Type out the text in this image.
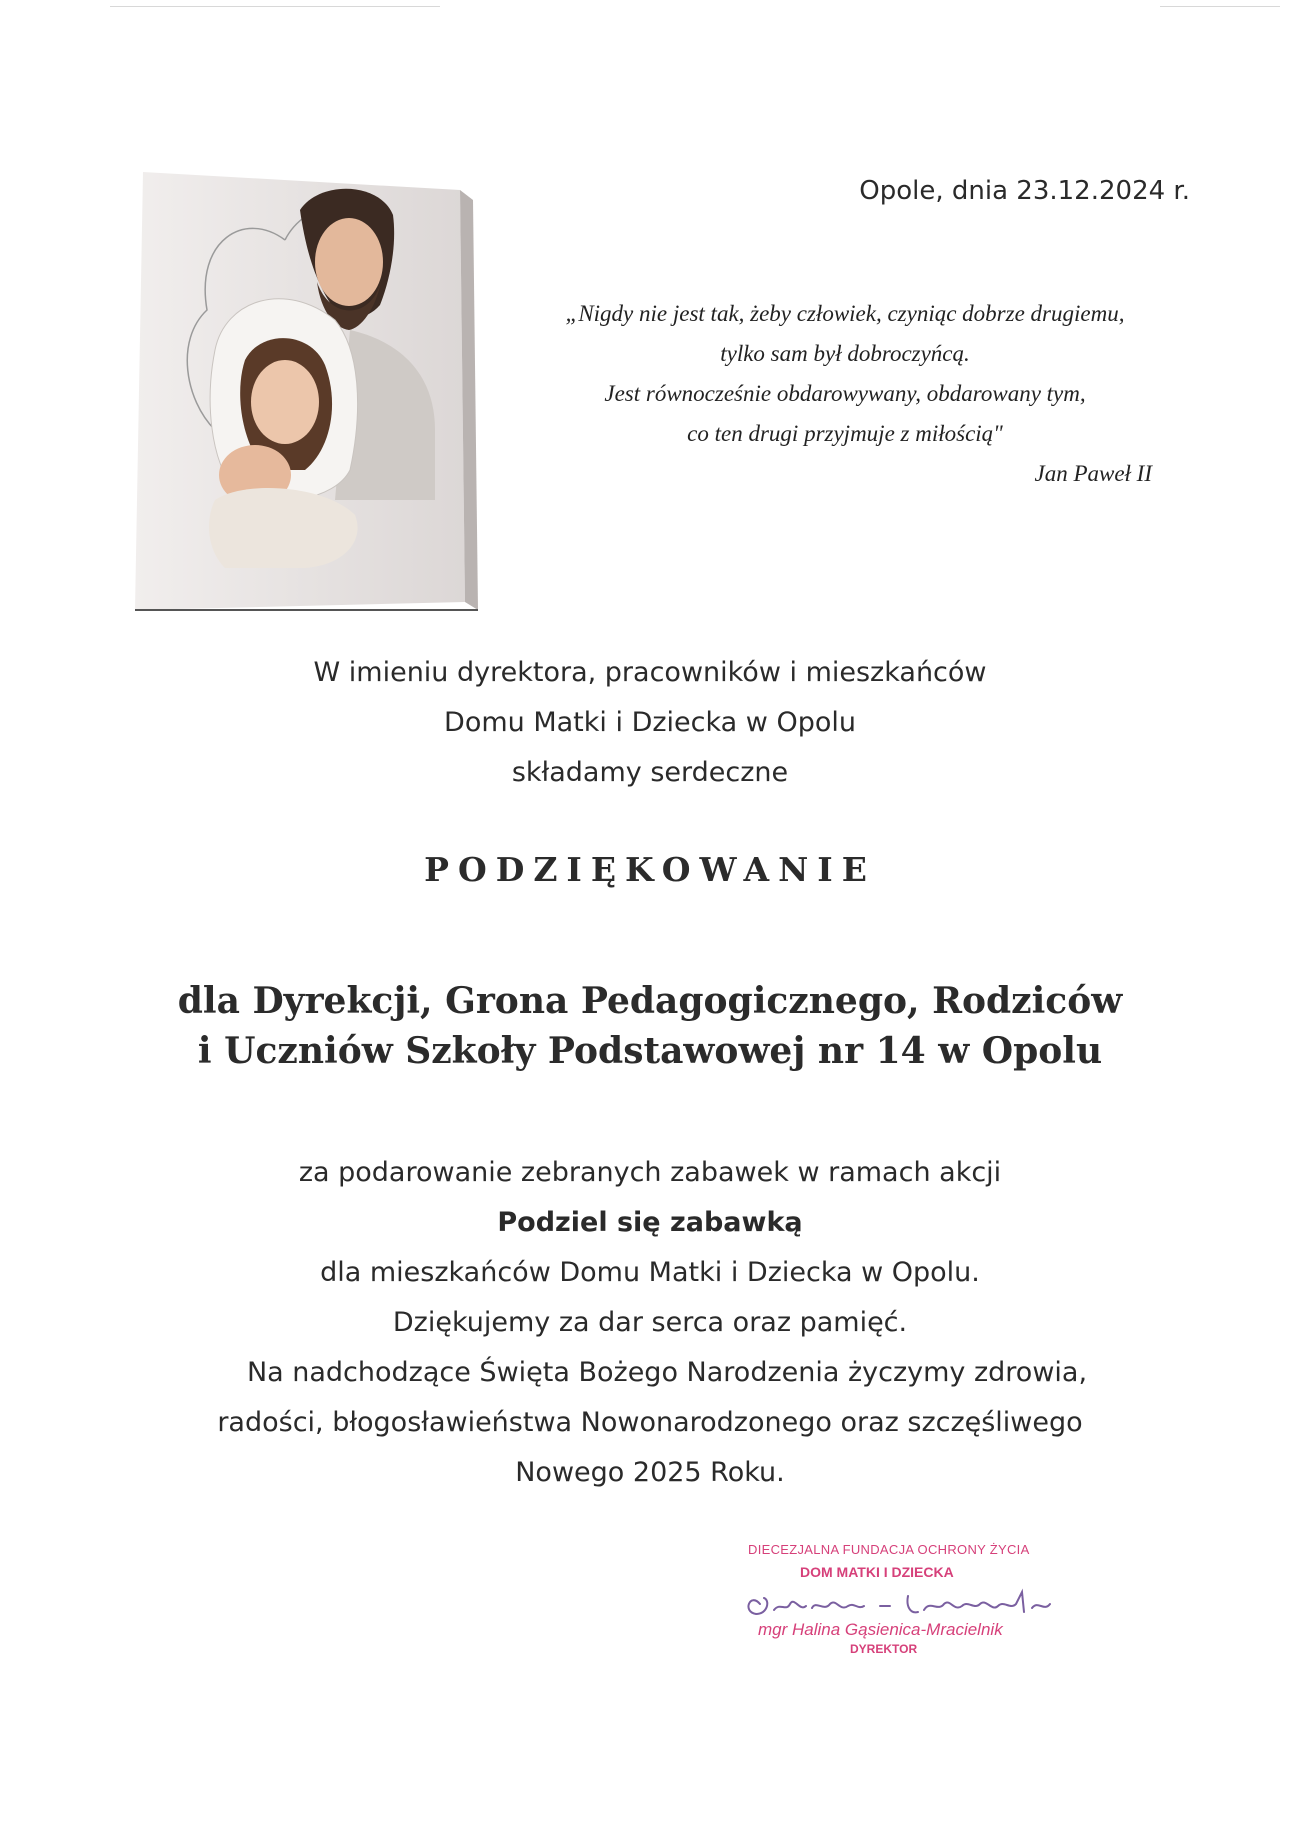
Opole, dnia 23.12.2024 r.
„Nigdy nie jest tak, żeby człowiek, czyniąc dobrze drugiemu,
tylko sam był dobroczyńcą.
Jest równocześnie obdarowywany, obdarowany tym,
co ten drugi przyjmuje z miłością"
Jan Paweł II
W imieniu dyrektora, pracowników i mieszkańców
Domu Matki i Dziecka w Opolu
składamy serdeczne
PODZIĘKOWANIE
dla Dyrekcji, Grona Pedagogicznego, Rodziców
i Uczniów Szkoły Podstawowej nr 14 w Opolu
za podarowanie zebranych zabawek w ramach akcji
Podziel się zabawką
dla mieszkańców Domu Matki i Dziecka w Opolu.
Dziękujemy za dar serca oraz pamięć.
Na nadchodzące Święta Bożego Narodzenia życzymy zdrowia,
radości, błogosławieństwa Nowonarodzonego oraz szczęśliwego
Nowego 2025 Roku.
DIECEZJALNA FUNDACJA OCHRONY ŻYCIA
DOM MATKI I DZIECKA
mgr Halina Gąsienica-Mracielnik
DYREKTOR
